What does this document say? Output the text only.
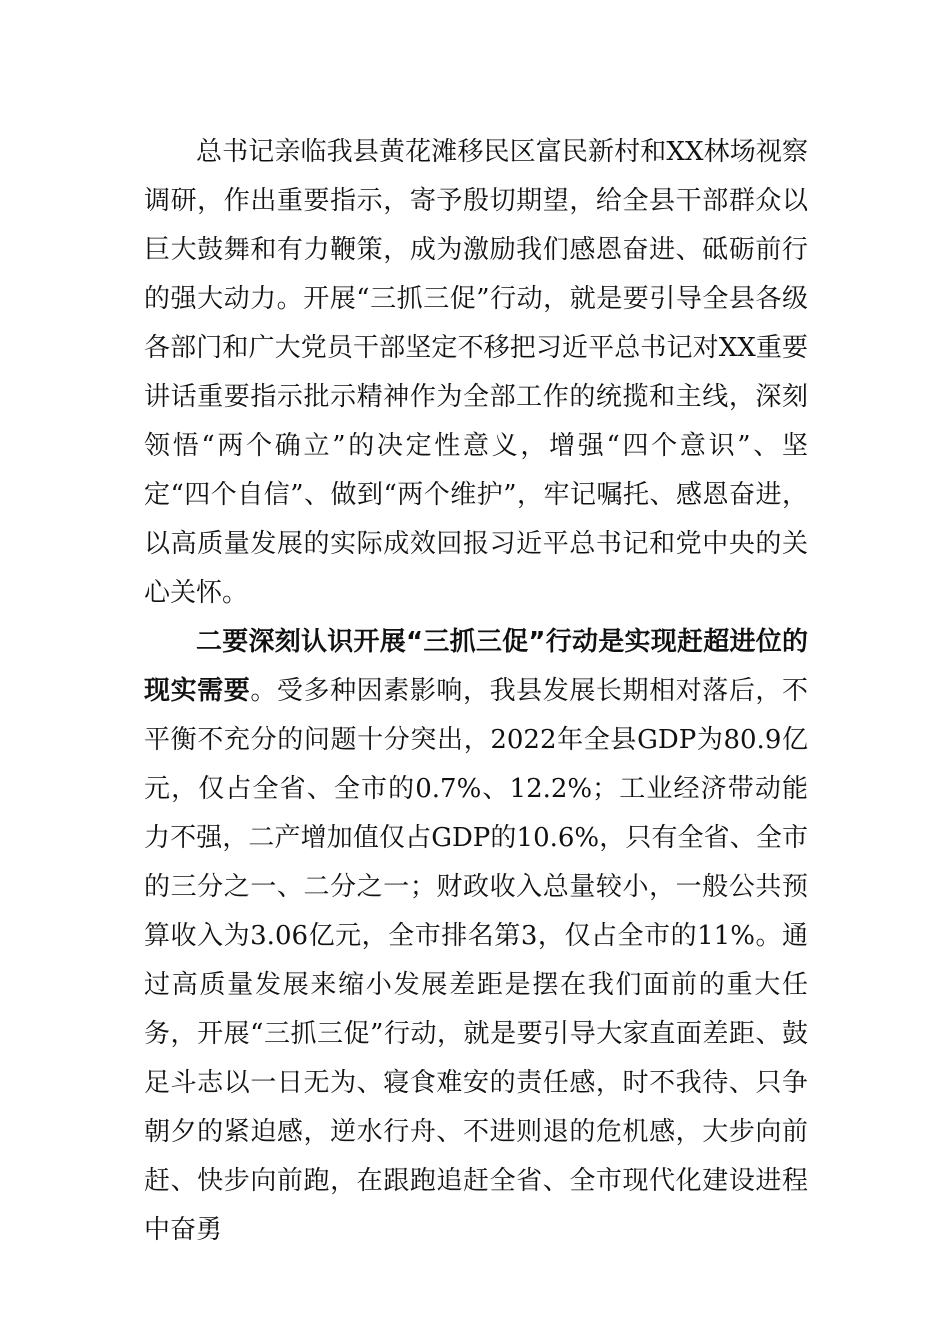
总书记亲临我县黄花滩移民区富民新村和XX林场视察调研，作出重要指示，寄予殷切期望，给全县干部群众以巨大鼓舞和有力鞭策，成为激励我们感恩奋进、砥砺前行的强大动力。开展“三抓三促”行动，就是要引导全县各级各部门和广大党员干部坚定不移把习近平总书记对XX重要讲话重要指示批示精神作为全部工作的统揽和主线，深刻领悟“两个确立”的决定性意义，增强“四个意识”、坚定“四个自信”、做到“两个维护”，牢记嘱托、感恩奋进，以高质量发展的实际成效回报习近平总书记和党中央的关心关怀。

二要深刻认识开展“三抓三促”行动是实现赶超进位的现实需要。受多种因素影响，我县发展长期相对落后，不平衡不充分的问题十分突出，2022年全县GDP为80.9亿元，仅占全省、全市的0.7%、12.2%；工业经济带动能力不强，二产增加值仅占GDP的10.6%，只有全省、全市的三分之一、二分之一；财政收入总量较小，一般公共预算收入为3.06亿元，全市排名第3，仅占全市的11%。通过高质量发展来缩小发展差距是摆在我们面前的重大任务，开展“三抓三促”行动，就是要引导大家直面差距、鼓足斗志以一日无为、寝食难安的责任感，时不我待、只争朝夕的紧迫感，逆水行舟、不进则退的危机感，大步向前赶、快步向前跑，在跟跑追赶全省、全市现代化建设进程中奋勇
